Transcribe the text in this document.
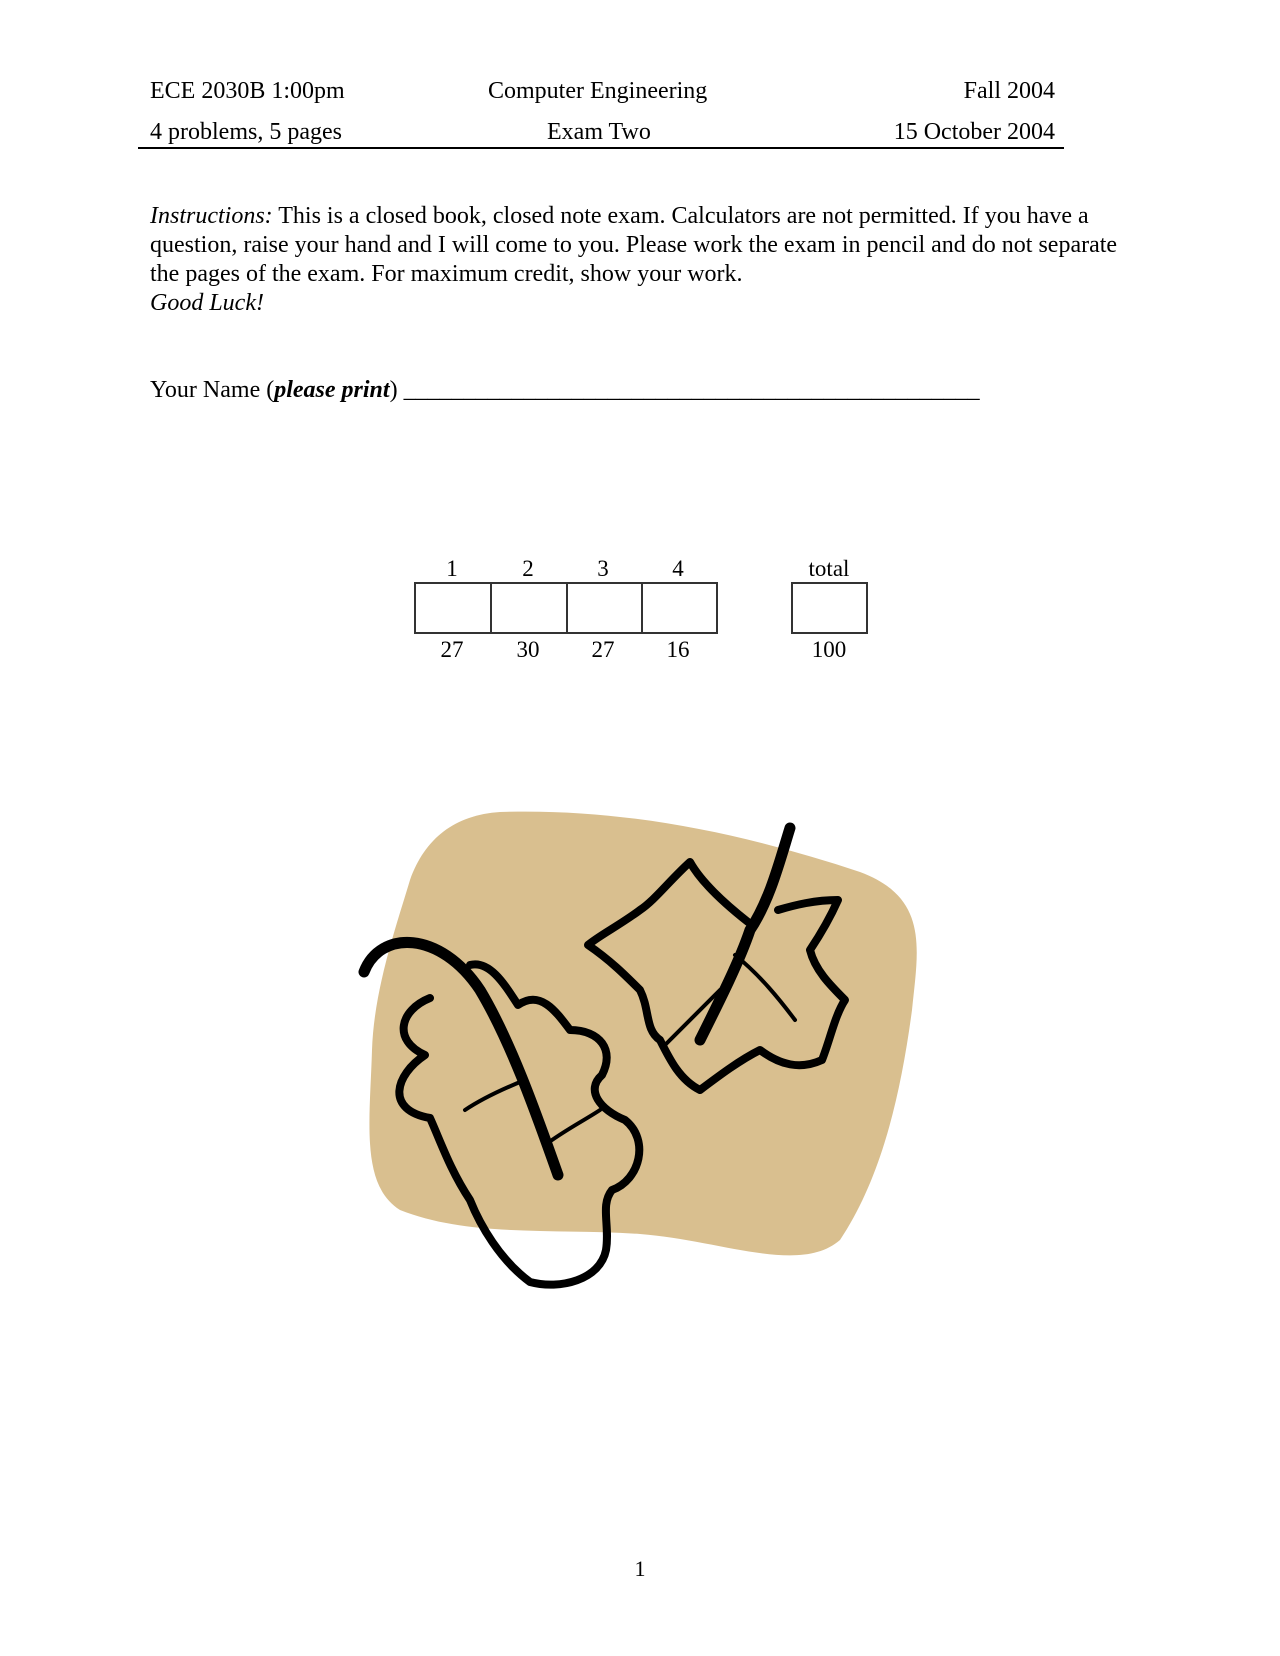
ECE 2030B 1:00pm	Computer Engineering	Fall 2004
4 problems, 5 pages	Exam Two	15 October 2004
Instructions: This is a closed book, closed note exam. Calculators are not permitted. If you have a question, raise your hand and I will come to you. Please work the exam in pencil and do not separate the pages of the exam. For maximum credit, show your work.
Good Luck!
Your Name (please print) ________________________________________________
1	2	3	4
27	30	27	16
total
100
1
